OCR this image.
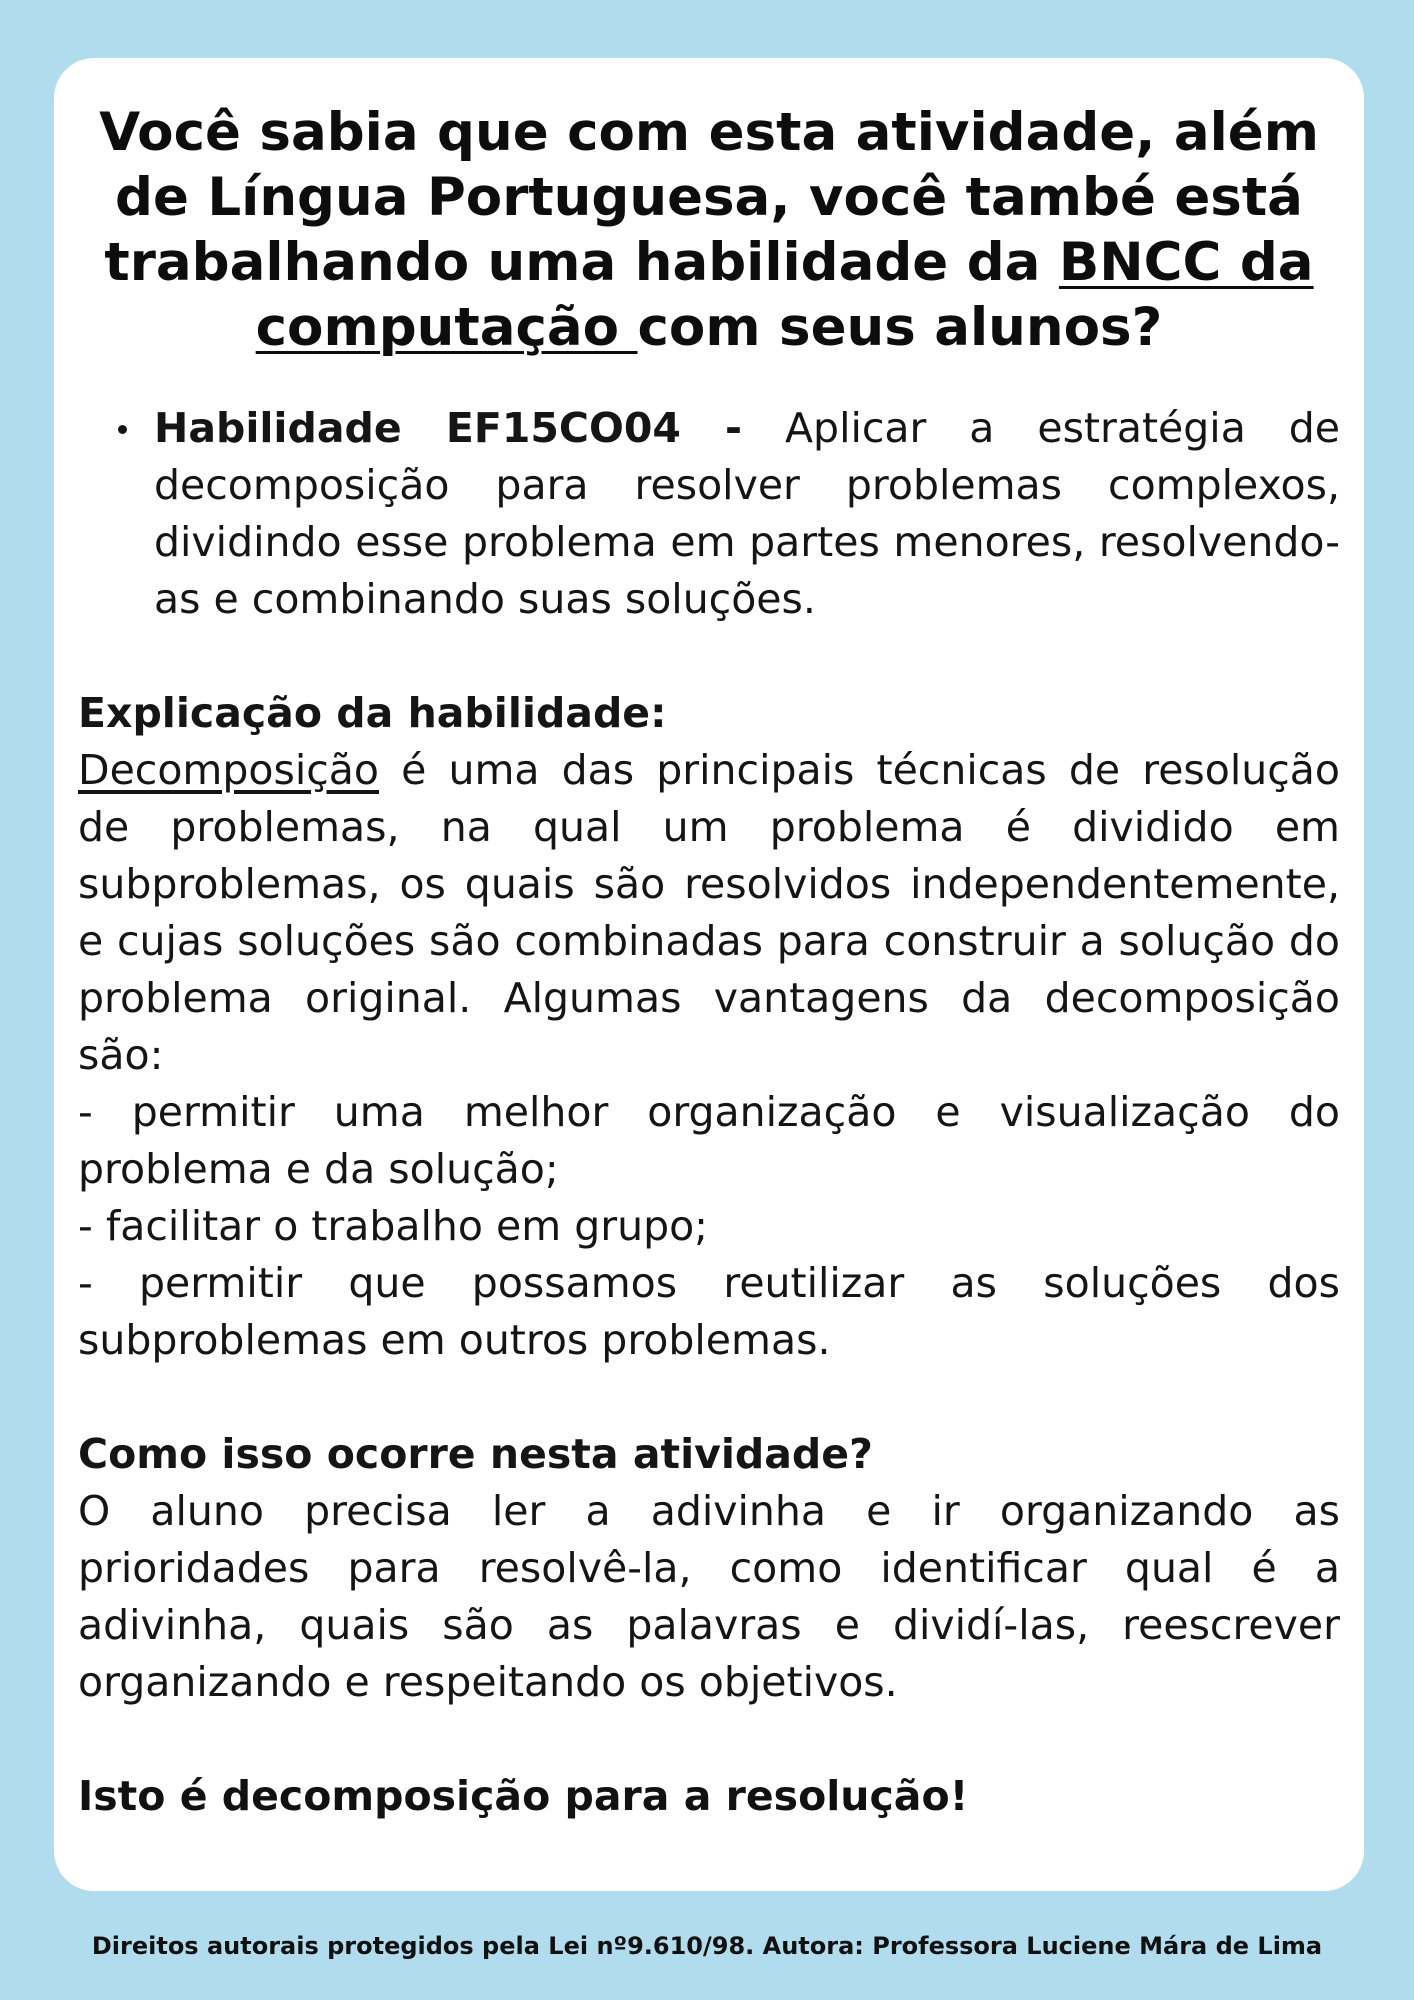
Você sabia que com esta atividade, além de Língua Portuguesa, você també está trabalhando uma habilidade da BNCC da computação com seus alunos?
Habilidade EF15CO04 - Aplicar a estratégia de decomposição para resolver problemas complexos, dividindo esse problema em partes menores, resolvendo-as e combinando suas soluções.

Explicação da habilidade:

Decomposição é uma das principais técnicas de resolução de problemas, na qual um problema é dividido em subproblemas, os quais são resolvidos independentemente, e cujas soluções são combinadas para construir a solução do problema original. Algumas vantagens da decomposição são:

- permitir uma melhor organização e visualização do problema e da solução;

- facilitar o trabalho em grupo;

- permitir que possamos reutilizar as soluções dos subproblemas em outros problemas.

Como isso ocorre nesta atividade?

O aluno precisa ler a adivinha e ir organizando as prioridades para resolvê-la, como identificar qual é a adivinha, quais são as palavras e dividí-las, reescrever organizando e respeitando os objetivos.

Isto é decomposição para a resolução!

Direitos autorais protegidos pela Lei nº9.610/98. Autora: Professora Luciene Mára de Lima
